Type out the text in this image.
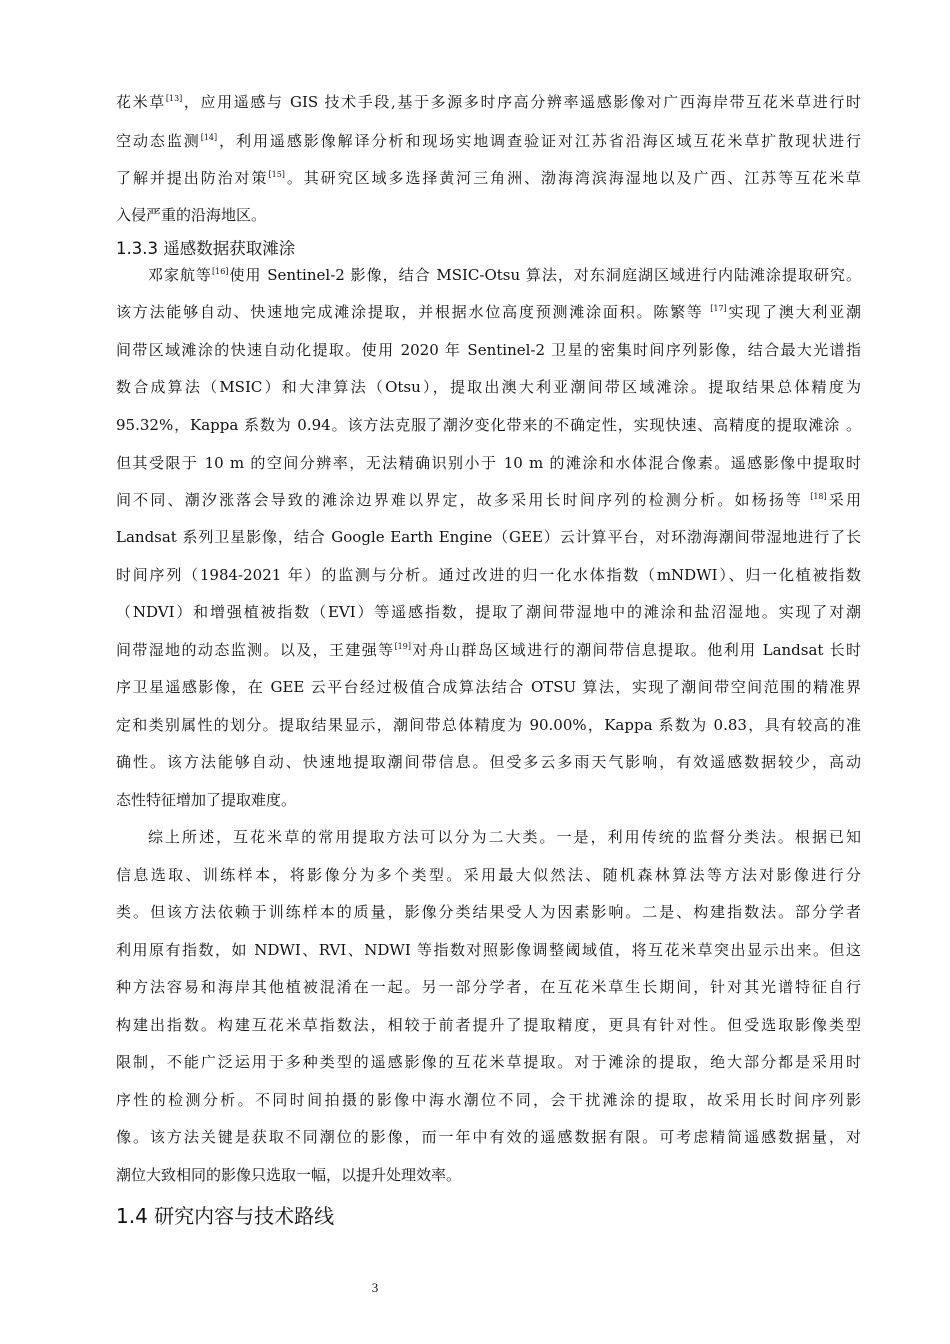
花米草[13]，应用遥感与 GIS 技术手段,基于多源多时序高分辨率遥感影像对广西海岸带互花米草进行时
空动态监测[14]，利用遥感影像解译分析和现场实地调查验证对江苏省沿海区域互花米草扩散现状进行
了解并提出防治对策[15]。其研究区域多选择黄河三角洲、渤海湾滨海湿地以及广西、江苏等互花米草
入侵严重的沿海地区。
1.3.3 遥感数据获取滩涂
邓家航等[16]使用 Sentinel-2 影像，结合 MSIC-Otsu 算法，对东洞庭湖区域进行内陆滩涂提取研究。
该方法能够自动、快速地完成滩涂提取，并根据水位高度预测滩涂面积。陈繁等 [17]实现了澳大利亚潮
间带区域滩涂的快速自动化提取。使用 2020 年 Sentinel-2 卫星的密集时间序列影像，结合最大光谱指
数合成算法（MSIC）和大津算法（Otsu），提取出澳大利亚潮间带区域滩涂。提取结果总体精度为
95.32%，Kappa 系数为 0.94。该方法克服了潮汐变化带来的不确定性，实现快速、高精度的提取滩涂 。
但其受限于 10 m 的空间分辨率，无法精确识别小于 10 m 的滩涂和水体混合像素。遥感影像中提取时
间不同、潮汐涨落会导致的滩涂边界难以界定，故多采用长时间序列的检测分析。如杨扬等 [18]采用
Landsat 系列卫星影像，结合 Google Earth Engine（GEE）云计算平台，对环渤海潮间带湿地进行了长
时间序列（1984-2021 年）的监测与分析。通过改进的归一化水体指数（mNDWI）、归一化植被指数
（NDVI）和增强植被指数（EVI）等遥感指数，提取了潮间带湿地中的滩涂和盐沼湿地。实现了对潮
间带湿地的动态监测。以及，王建强等[19]对舟山群岛区域进行的潮间带信息提取。他利用 Landsat 长时
序卫星遥感影像，在 GEE 云平台经过极值合成算法结合 OTSU 算法，实现了潮间带空间范围的精准界
定和类别属性的划分。提取结果显示，潮间带总体精度为 90.00%，Kappa 系数为 0.83，具有较高的准
确性。该方法能够自动、快速地提取潮间带信息。但受多云多雨天气影响，有效遥感数据较少，高动
态性特征增加了提取难度。
综上所述，互花米草的常用提取方法可以分为二大类。一是，利用传统的监督分类法。根据已知
信息选取、训练样本，将影像分为多个类型。采用最大似然法、随机森林算法等方法对影像进行分
类。但该方法依赖于训练样本的质量，影像分类结果受人为因素影响。二是、构建指数法。部分学者
利用原有指数，如 NDWI、RVI、NDWI 等指数对照影像调整阈域值，将互花米草突出显示出来。但这
种方法容易和海岸其他植被混淆在一起。另一部分学者，在互花米草生长期间，针对其光谱特征自行
构建出指数。构建互花米草指数法，相较于前者提升了提取精度，更具有针对性。但受选取影像类型
限制，不能广泛运用于多种类型的遥感影像的互花米草提取。对于滩涂的提取，绝大部分都是采用时
序性的检测分析。不同时间拍摄的影像中海水潮位不同，会干扰滩涂的提取，故采用长时间序列影
像。该方法关键是获取不同潮位的影像，而一年中有效的遥感数据有限。可考虑精简遥感数据量，对
潮位大致相同的影像只选取一幅，以提升处理效率。
1.4 研究内容与技术路线
3
